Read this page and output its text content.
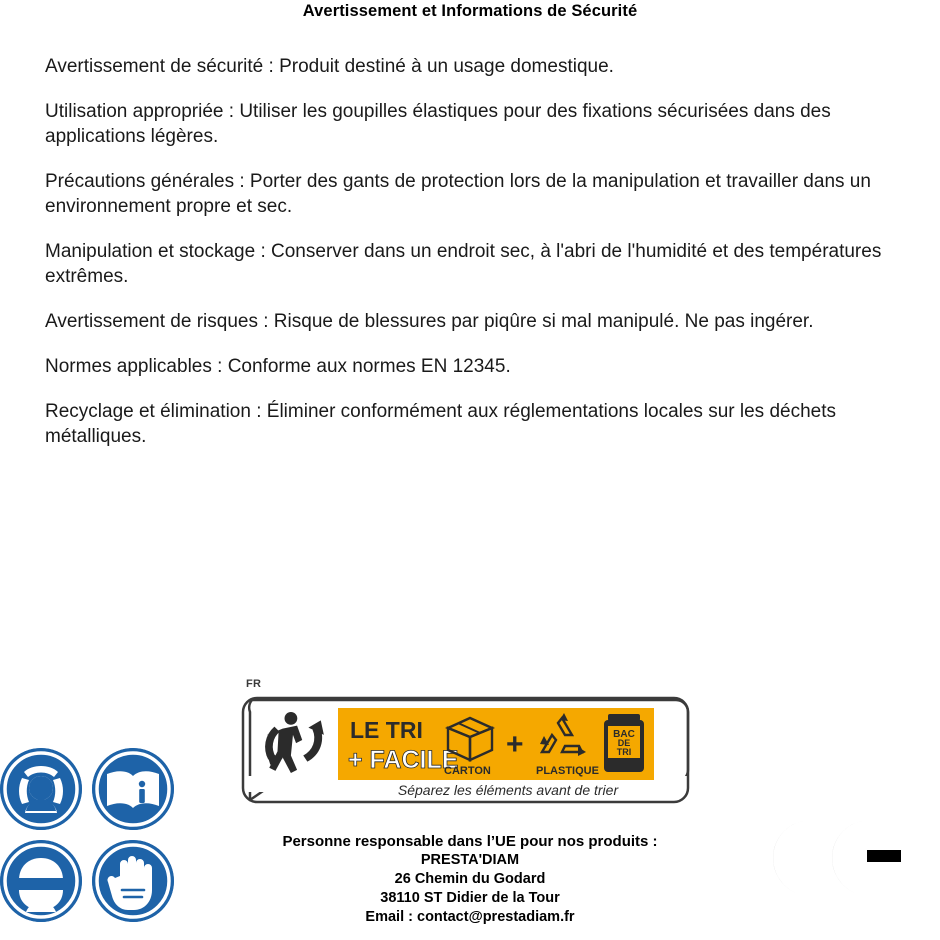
Avertissement et Informations de Sécurité

Avertissement de sécurité : Produit destiné à un usage domestique.

Utilisation appropriée : Utiliser les goupilles élastiques pour des fixations sécurisées dans des applications légères.

Précautions générales : Porter des gants de protection lors de la manipulation et travailler dans un environnement propre et sec.

Manipulation et stockage : Conserver dans un endroit sec, à l'abri de l'humidité et des températures extrêmes.

Avertissement de risques : Risque de blessures par piqûre si mal manipulé. Ne pas ingérer.

Normes applicables : Conforme aux normes EN 12345.

Recyclage et élimination : Éliminer conformément aux réglementations locales sur les déchets métalliques.

FR
LE TRI
+ FACILE
CARTON
+
PLASTIQUE
BAC
DE
TRI
Séparez les éléments avant de trier
Personne responsable dans l’UE pour nos produits :
PRESTA'DIAM
26 Chemin du Godard
38110 ST Didier de la Tour
Email : contact@prestadiam.fr
